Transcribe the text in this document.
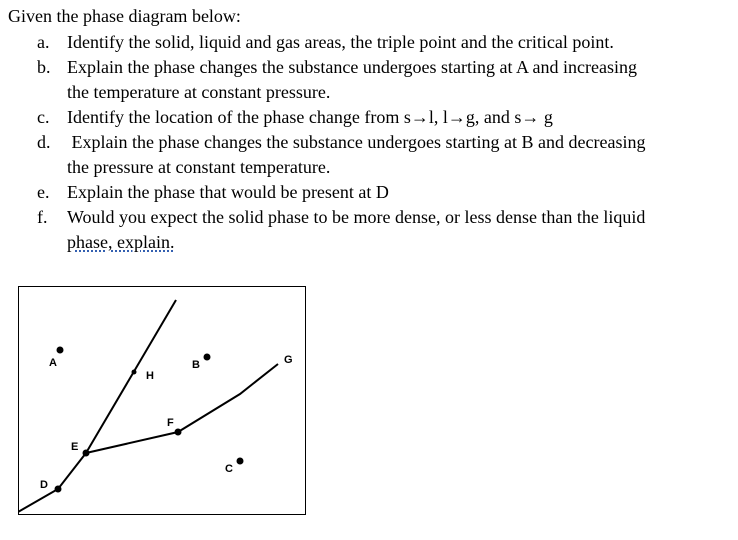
Given the phase diagram below:
a. Identify the solid, liquid and gas areas, the triple point and the critical point.
b. Explain the phase changes the substance undergoes starting at A and increasing
the temperature at constant pressure.
c. Identify the location of the phase change from s→l, l→g, and s→ g
d. Explain the phase changes the substance undergoes starting at B and decreasing
the pressure at constant temperature.
e. Explain the phase that would be present at D
f. Would you expect the solid phase to be more dense, or less dense than the liquid
phase, explain.
A	B
C
D
E
F
G
H
